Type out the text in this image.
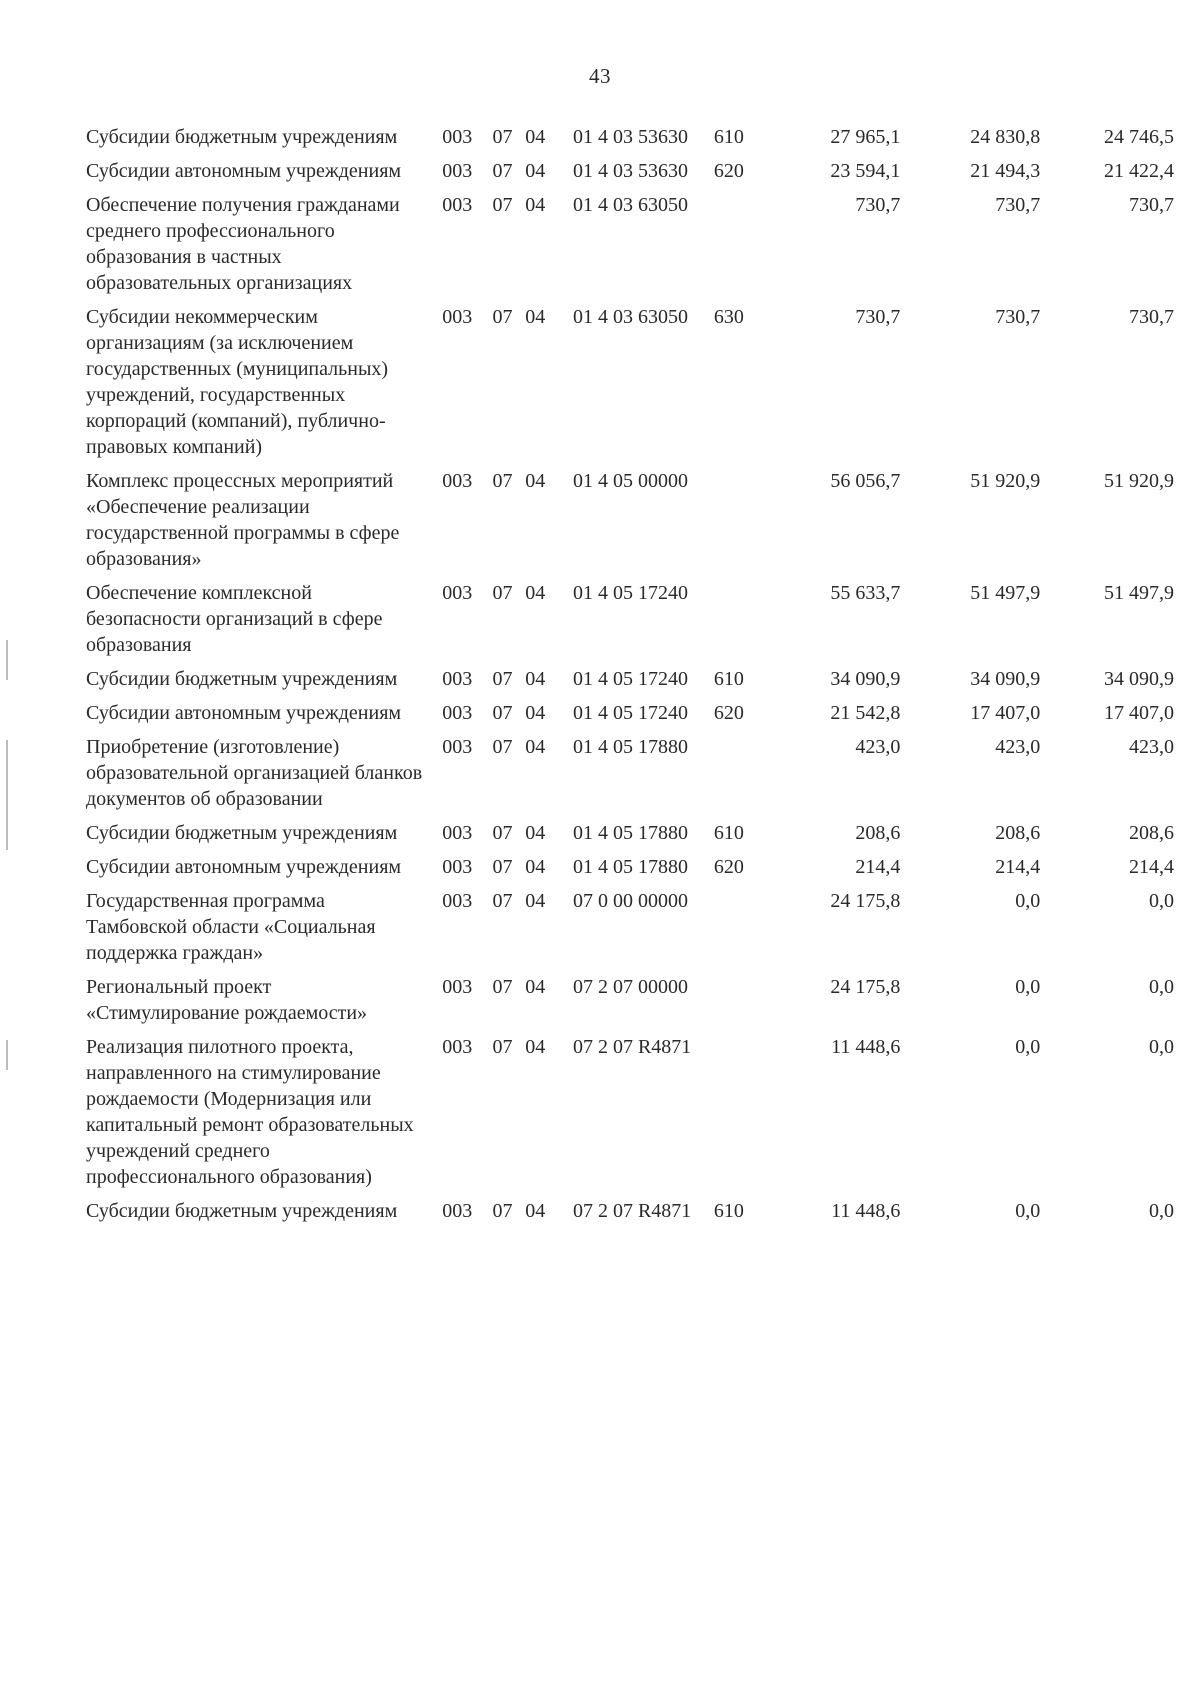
43
Субсидии бюджетным учреждениям	003	07	04	01 4 03 53630	610	27 965,1	24 830,8	24 746,5
Субсидии автономным учреждениям	003	07	04	01 4 03 53630	620	23 594,1	21 494,3	21 422,4
Обеспечение получения гражданами среднего профессионального образования в частных образовательных организациях	003	07	04	01 4 03 63050		730,7	730,7	730,7
Субсидии некоммерческим организациям (за исключением государственных (муниципальных) учреждений, государственных корпораций (компаний), публично-правовых компаний)	003	07	04	01 4 03 63050	630	730,7	730,7	730,7
Комплекс процессных мероприятий «Обеспечение реализации государственной программы в сфере образования»	003	07	04	01 4 05 00000		56 056,7	51 920,9	51 920,9
Обеспечение комплексной безопасности организаций в сфере образования	003	07	04	01 4 05 17240		55 633,7	51 497,9	51 497,9
Субсидии бюджетным учреждениям	003	07	04	01 4 05 17240	610	34 090,9	34 090,9	34 090,9
Субсидии автономным учреждениям	003	07	04	01 4 05 17240	620	21 542,8	17 407,0	17 407,0
Приобретение (изготовление) образовательной организацией бланков документов об образовании	003	07	04	01 4 05 17880		423,0	423,0	423,0
Субсидии бюджетным учреждениям	003	07	04	01 4 05 17880	610	208,6	208,6	208,6
Субсидии автономным учреждениям	003	07	04	01 4 05 17880	620	214,4	214,4	214,4
Государственная программа Тамбовской области «Социальная поддержка граждан»	003	07	04	07 0 00 00000		24 175,8	0,0	0,0
Региональный проект «Стимулирование рождаемости»	003	07	04	07 2 07 00000		24 175,8	0,0	0,0
Реализация пилотного проекта, направленного на стимулирование рождаемости (Модернизация или капитальный ремонт образовательных учреждений среднего профессионального образования)	003	07	04	07 2 07 R4871		11 448,6	0,0	0,0
Субсидии бюджетным учреждениям	003	07	04	07 2 07 R4871	610	11 448,6	0,0	0,0
